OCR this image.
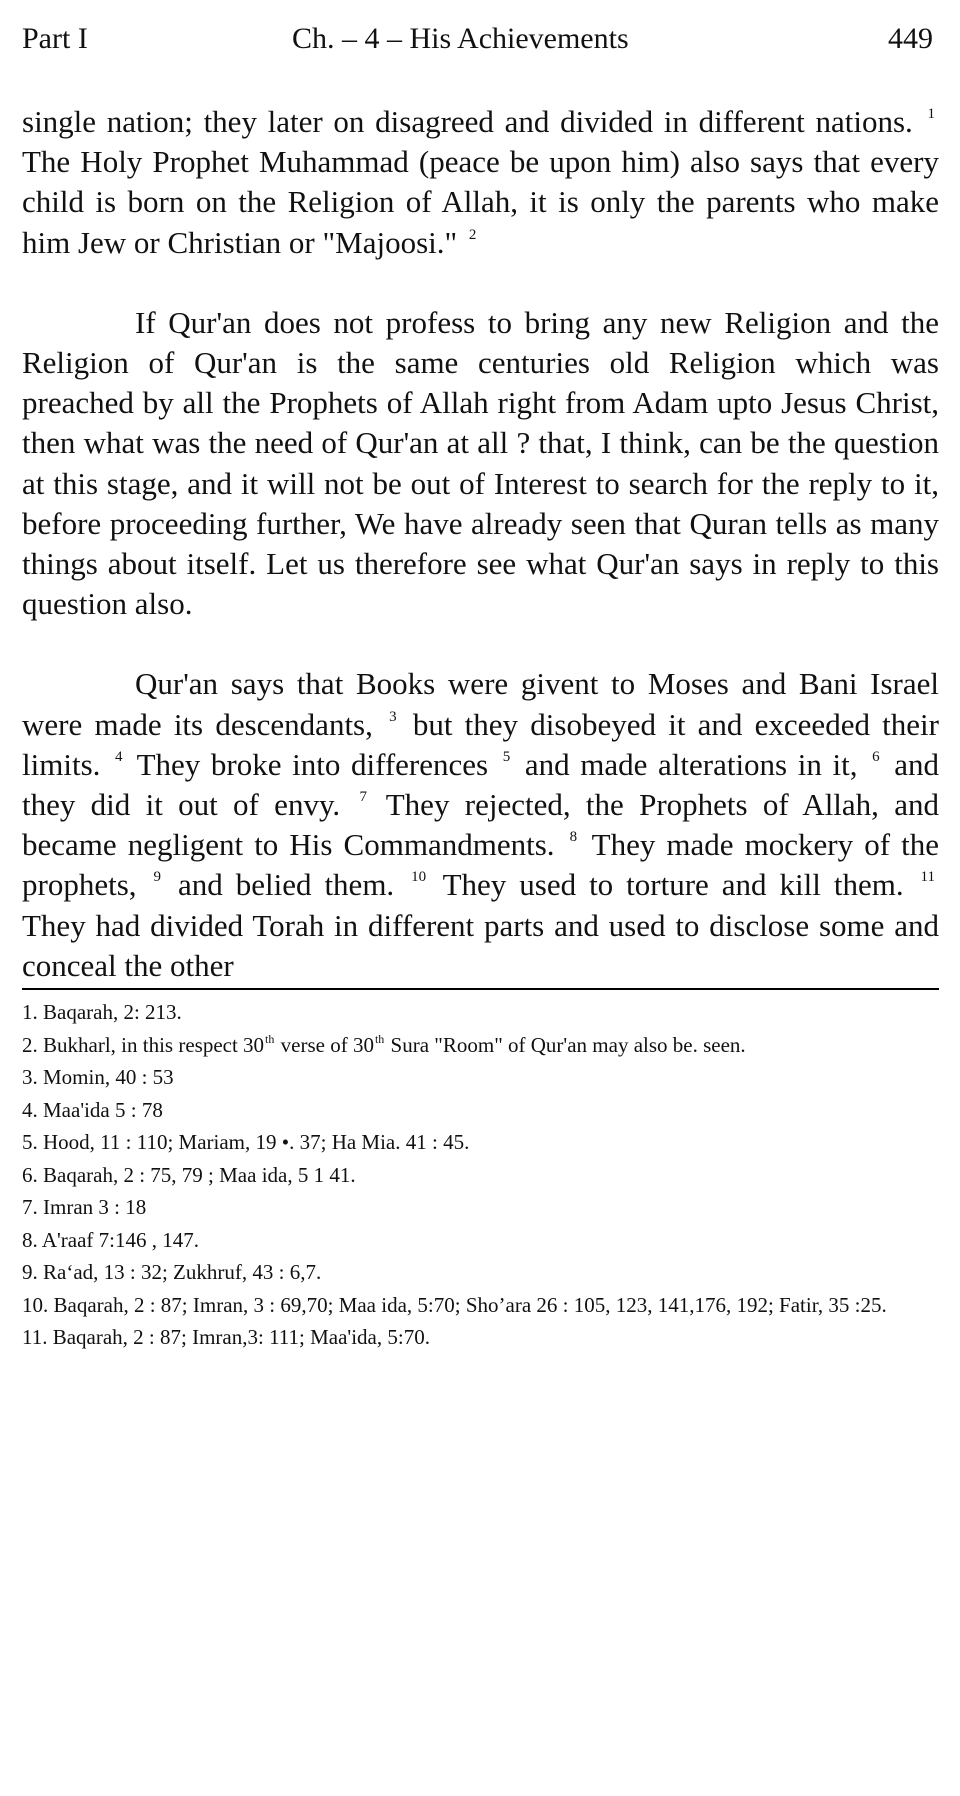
Part I	Ch. – 4 – His Achievements	449

single nation; they later on disagreed and divided in different nations. $^1$ The Holy Prophet Muhammad (peace be upon him) also says that every child is born on the Religion of Allah, it is only the parents who make him Jew or Christian or "Majoosi." $^2$

If Qur'an does not profess to bring any new Religion and the Religion of Qur'an is the same centuries old Religion which was preached by all the Prophets of Allah right from Adam upto Jesus Christ, then what was the need of Qur'an at all ? that, I think, can be the question at this stage, and it will not be out of Interest to search for the reply to it, before proceeding further, We have already seen that Quran tells as many things about itself. Let us therefore see what Qur'an says in reply to this question also.

Qur'an says that Books were givent to Moses and Bani Israel were made its descendants, $^3$ but they disobeyed it and exceeded their limits. $^4$ They broke into differences $^5$ and made alterations in it, $^6$ and they did it out of envy. $^7$ They rejected, the Prophets of Allah, and became negligent to His Commandments. $^8$ They made mockery of the prophets, $^9$ and belied them. $^{10}$ They used to torture and kill them. $^{11}$ They had divided Torah in different parts and used to disclose some and conceal the other

1. Baqarah, 2: 213.
2. Bukharl, in this respect 30th verse of 30th Sura "Room" of Qur'an may also be. seen.
3. Momin, 40 : 53
4. Maa'ida 5 : 78
5. Hood, 11 : 110; Mariam, 19 •. 37; Ha Mia. 41 : 45.
6. Baqarah, 2 : 75, 79 ; Maa ida, 5 1 41.
7. Imran 3 : 18
8. A'raaf 7:146 , 147.
9. Ra‘ad, 13 : 32; Zukhruf, 43 : 6,7.
10. Baqarah, 2 : 87; Imran, 3 : 69,70; Maa ida, 5:70; Sho’ara 26 : 105, 123, 141,176, 192; Fatir, 35 :25.
11. Baqarah, 2 : 87; Imran,3: 111; Maa'ida, 5:70.
